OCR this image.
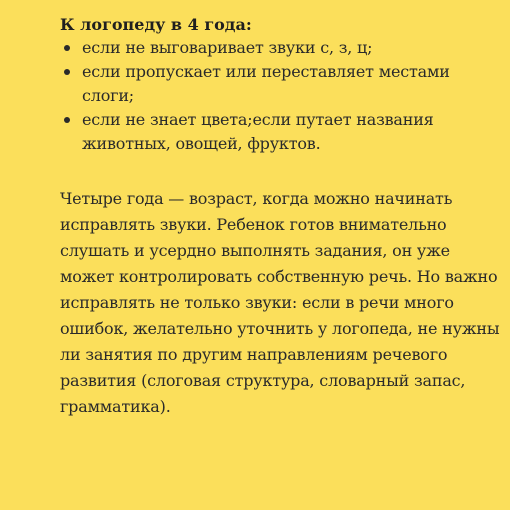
К логопеду в 4 года:
если не выговаривает звуки с, з, ц;
если пропускает или переставляет местами слоги;
если не знает цвета;если путает названия животных, овощей, фруктов.

Четыре года — возраст, когда можно начинать исправлять звуки. Ребенок готов внимательно слушать и усердно выполнять задания, он уже может контролировать собственную речь. Но важно исправлять не только звуки: если в речи много ошибок, желательно уточнить у логопеда, не нужны ли занятия по другим направлениям речевого развития (слоговая структура, словарный запас, грамматика).
